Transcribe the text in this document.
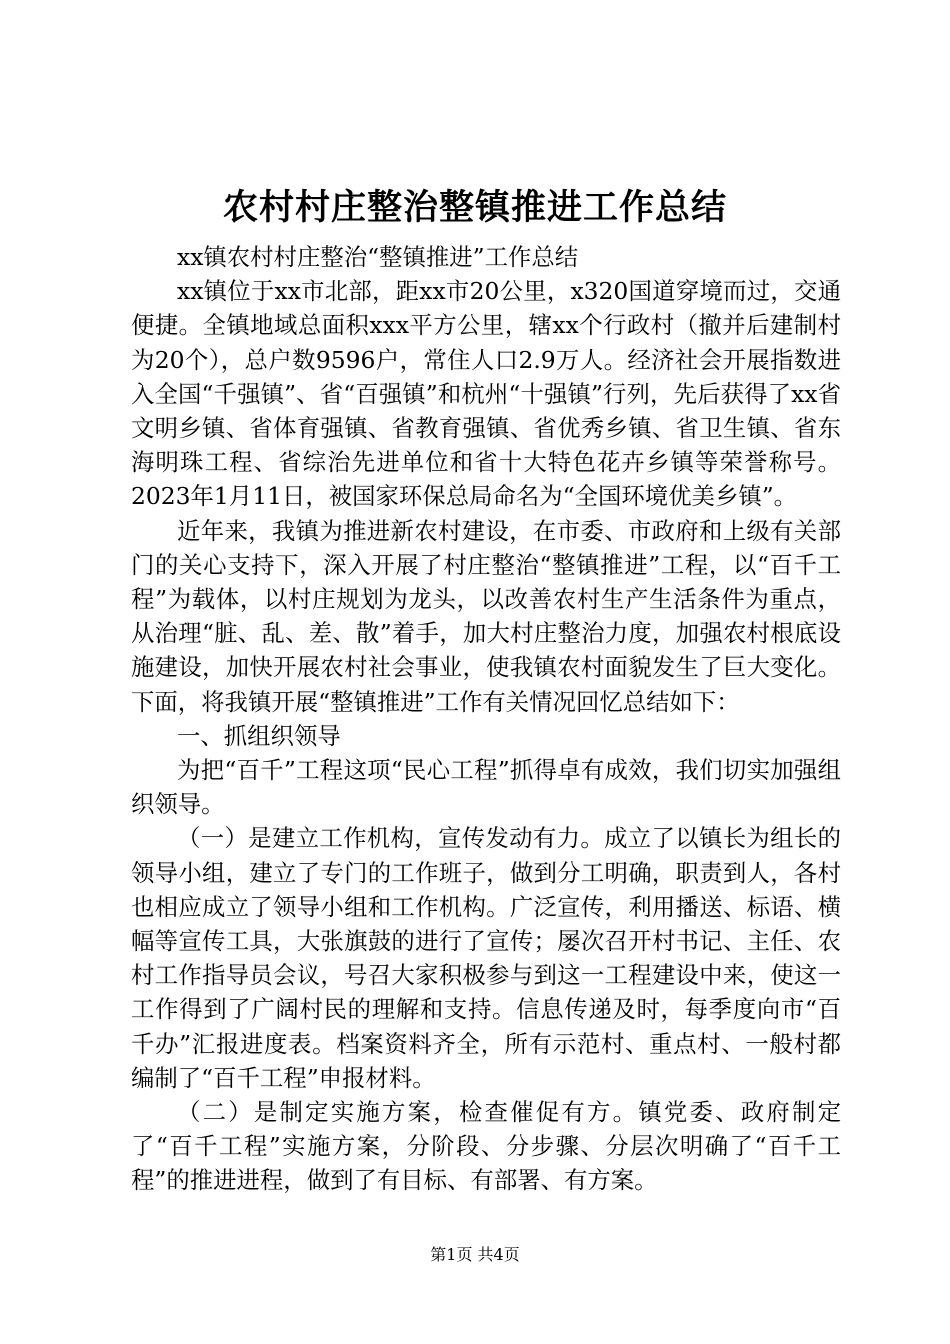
农村村庄整治整镇推进工作总结

xx镇农村村庄整治“整镇推进”工作总结

xx镇位于xx市北部，距xx市20公里，x320国道穿境而过，交通便捷。全镇地域总面积xxx平方公里，辖xx个行政村（撤并后建制村为20个），总户数9596户，常住人口2.9万人。经济社会开展指数进入全国“千强镇”、省“百强镇”和杭州“十强镇”行列，先后获得了xx省文明乡镇、省体育强镇、省教育强镇、省优秀乡镇、省卫生镇、省东海明珠工程、省综治先进单位和省十大特色花卉乡镇等荣誉称号。2023年1月11日，被国家环保总局命名为“全国环境优美乡镇”。

近年来，我镇为推进新农村建设，在市委、市政府和上级有关部门的关心支持下，深入开展了村庄整治“整镇推进”工程，以“百千工程”为载体，以村庄规划为龙头，以改善农村生产生活条件为重点，从治理“脏、乱、差、散”着手，加大村庄整治力度，加强农村根底设施建设，加快开展农村社会事业，使我镇农村面貌发生了巨大变化。下面，将我镇开展“整镇推进”工作有关情况回忆总结如下：

一、抓组织领导

为把“百千”工程这项“民心工程”抓得卓有成效，我们切实加强组织领导。

（一）是建立工作机构，宣传发动有力。成立了以镇长为组长的领导小组，建立了专门的工作班子，做到分工明确，职责到人，各村也相应成立了领导小组和工作机构。广泛宣传，利用播送、标语、横幅等宣传工具，大张旗鼓的进行了宣传；屡次召开村书记、主任、农村工作指导员会议，号召大家积极参与到这一工程建设中来，使这一工作得到了广阔村民的理解和支持。信息传递及时，每季度向市“百千办”汇报进度表。档案资料齐全，所有示范村、重点村、一般村都编制了“百千工程”申报材料。

（二）是制定实施方案，检查催促有方。镇党委、政府制定了“百千工程”实施方案，分阶段、分步骤、分层次明确了“百千工程”的推进进程，做到了有目标、有部署、有方案。

第1页 共4页
